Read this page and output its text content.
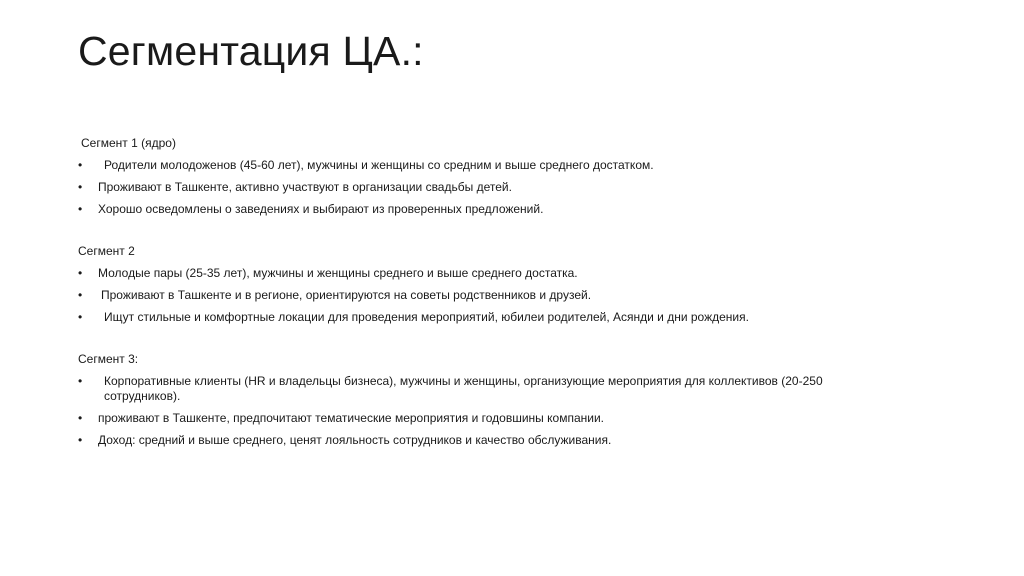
Сегментация ЦА.:
Сегмент 1 (ядро)
•	Родители молодоженов (45-60 лет), мужчины и женщины со средним и выше среднего достатком.
• Проживают в Ташкенте, активно участвуют в организации свадьбы детей.
• Хорошо осведомлены о заведениях и выбирают из проверенных предложений.
Сегмент 2
• Молодые пары (25-35 лет), мужчины и женщины среднего и выше среднего достатка.
• Проживают в Ташкенте и в регионе, ориентируются на советы родственников и друзей.
•	Ищут стильные и комфортные локации для проведения мероприятий, юбилеи родителей, Асянди и дни рождения.
Сегмент 3:
•	Корпоративные клиенты (HR и владельцы бизнеса), мужчины и женщины, организующие мероприятия для коллективов (20-250 сотрудников).
• проживают в Ташкенте, предпочитают тематические мероприятия и годовшины компании.
• Доход: средний и выше среднего, ценят лояльность сотрудников и качество обслуживания.
